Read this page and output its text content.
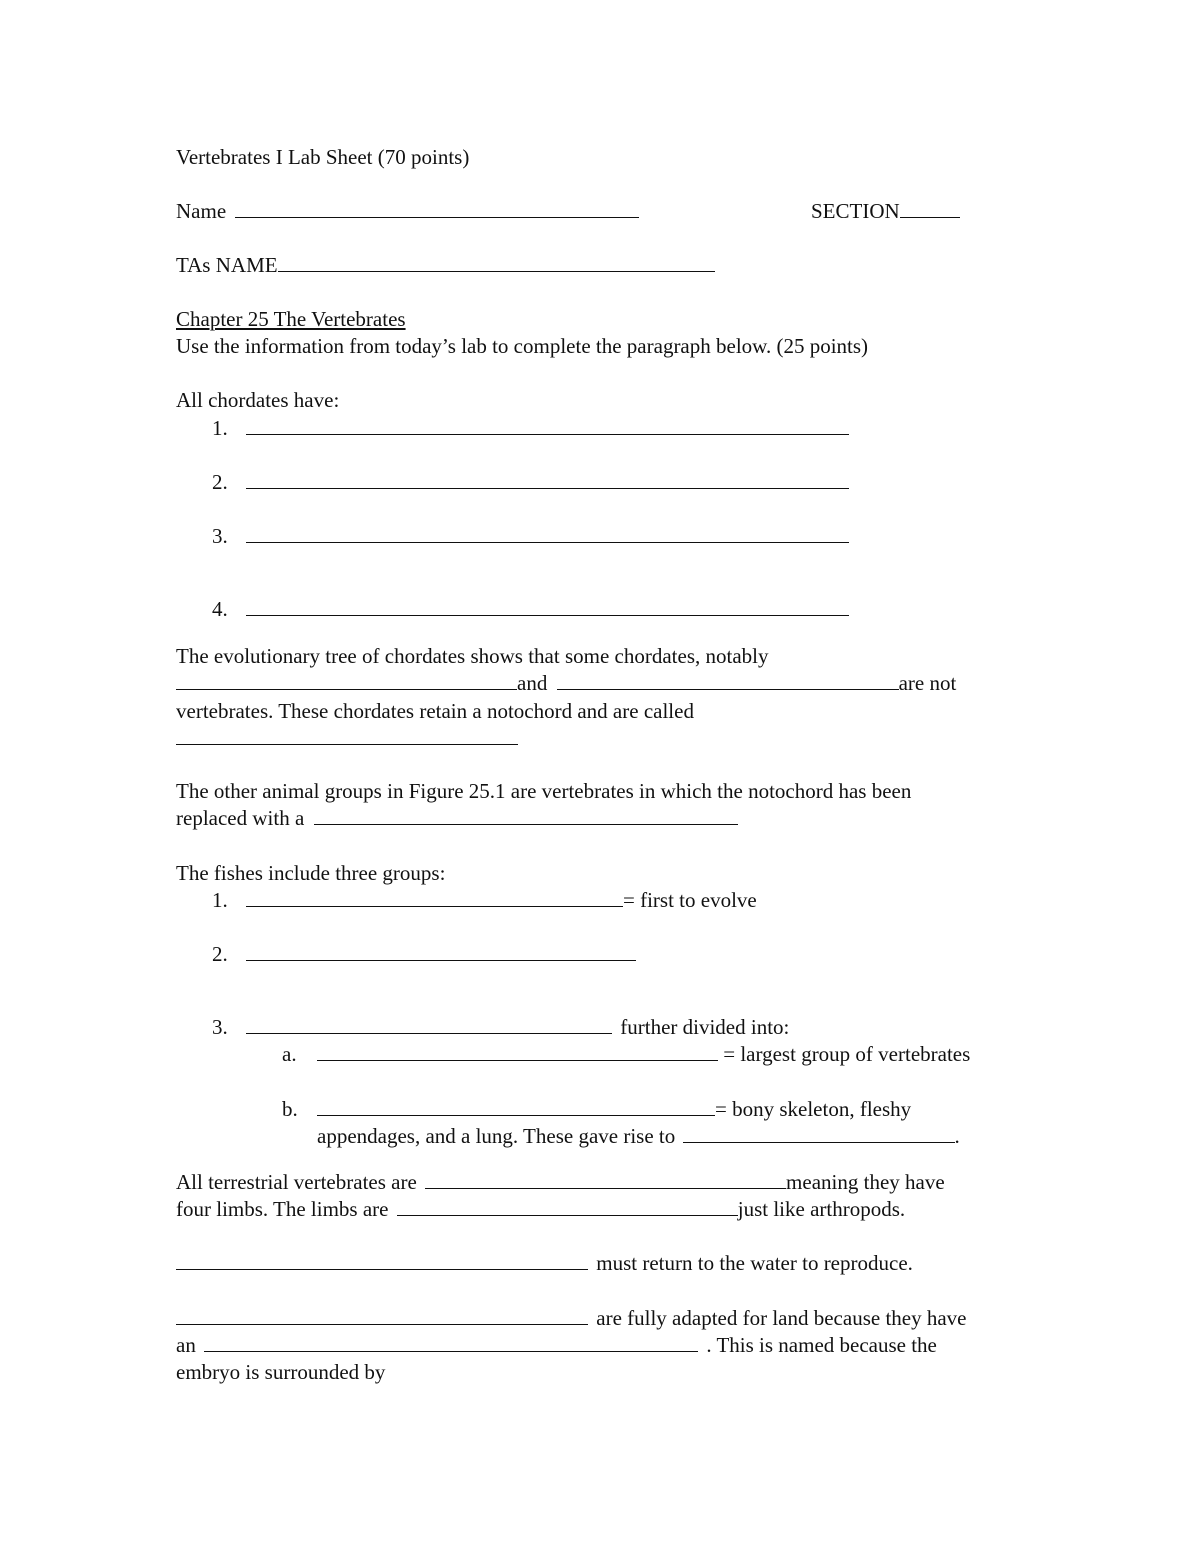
Vertebrates I Lab Sheet (70 points)
Name	SECTION
TAs NAME
Chapter 25 The Vertebrates
Use the information from today’s lab to complete the paragraph below. (25 points)
All chordates have:
1.
2.
3.
4.
The evolutionary tree of chordates shows that some chordates, notably
and	are not
vertebrates. These chordates retain a notochord and are called
The other animal groups in Figure 25.1 are vertebrates in which the notochord has been
replaced with a
The fishes include three groups:
1.	= first to evolve
2.
3.	further divided into:
a.	= largest group of vertebrates
b.	= bony skeleton, fleshy
appendages, and a lung. These gave rise to	.
All terrestrial vertebrates are	meaning they have
four limbs. The limbs are	just like arthropods.
must return to the water to reproduce.
are fully adapted for land because they have
an	. This is named because the
embryo is surrounded by
